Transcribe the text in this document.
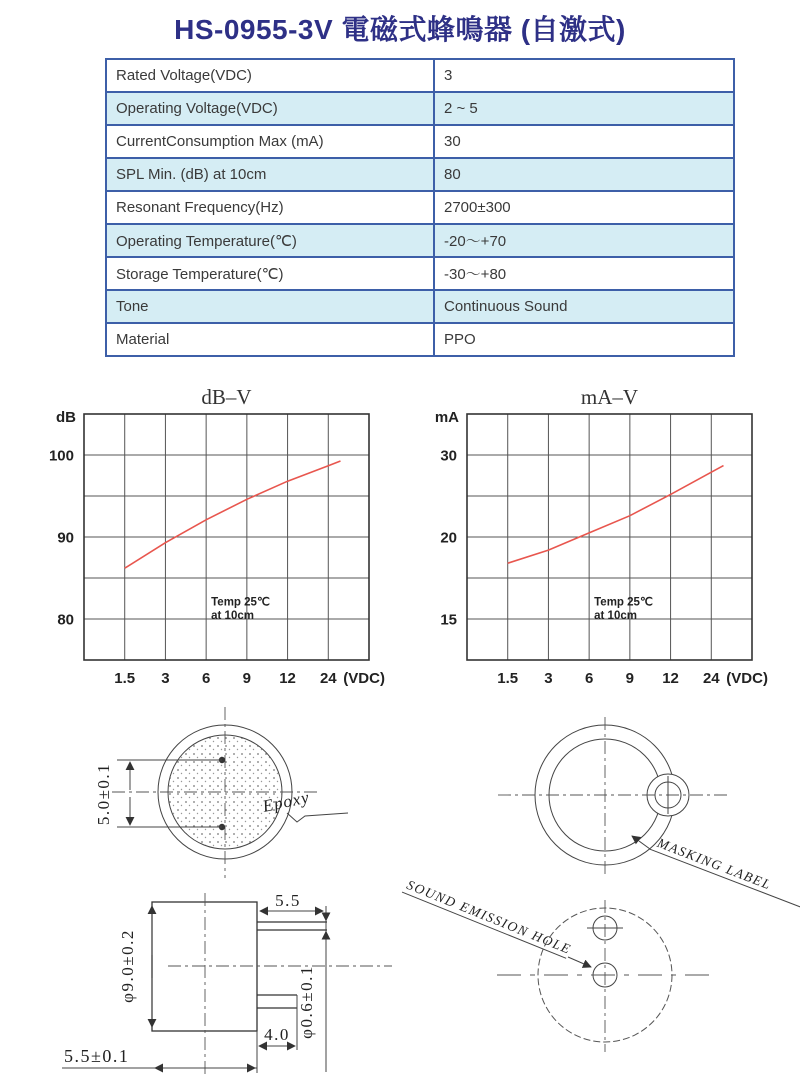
HS-0955-3V 電磁式蜂鳴器 (自激式)
Rated Voltage(VDC)	3
Operating Voltage(VDC)	2 ~ 5
CurrentConsumption Max (mA)	30
SPL Min. (dB) at 10cm	80
Resonant Frequency(Hz)	2700±300
Operating Temperature(℃)	-20～+70
Storage Temperature(℃)	-30～+80
Tone	Continuous Sound
Material	PPO
dB–V
dB
100
90
80
1.5 3 6 9 12 24 (VDC)
Temp 25℃
at 10cm
mA–V
mA
30
20
15
1.5 3 6 9 12 24 (VDC)
Temp 25℃
at 10cm
5.0±0.1	Epoxy
MASKING LABEL
φ9.0±0.2
5.5
φ0.6±0.1
4.0
5.5±0.1
SOUND EMISSION HOLE
